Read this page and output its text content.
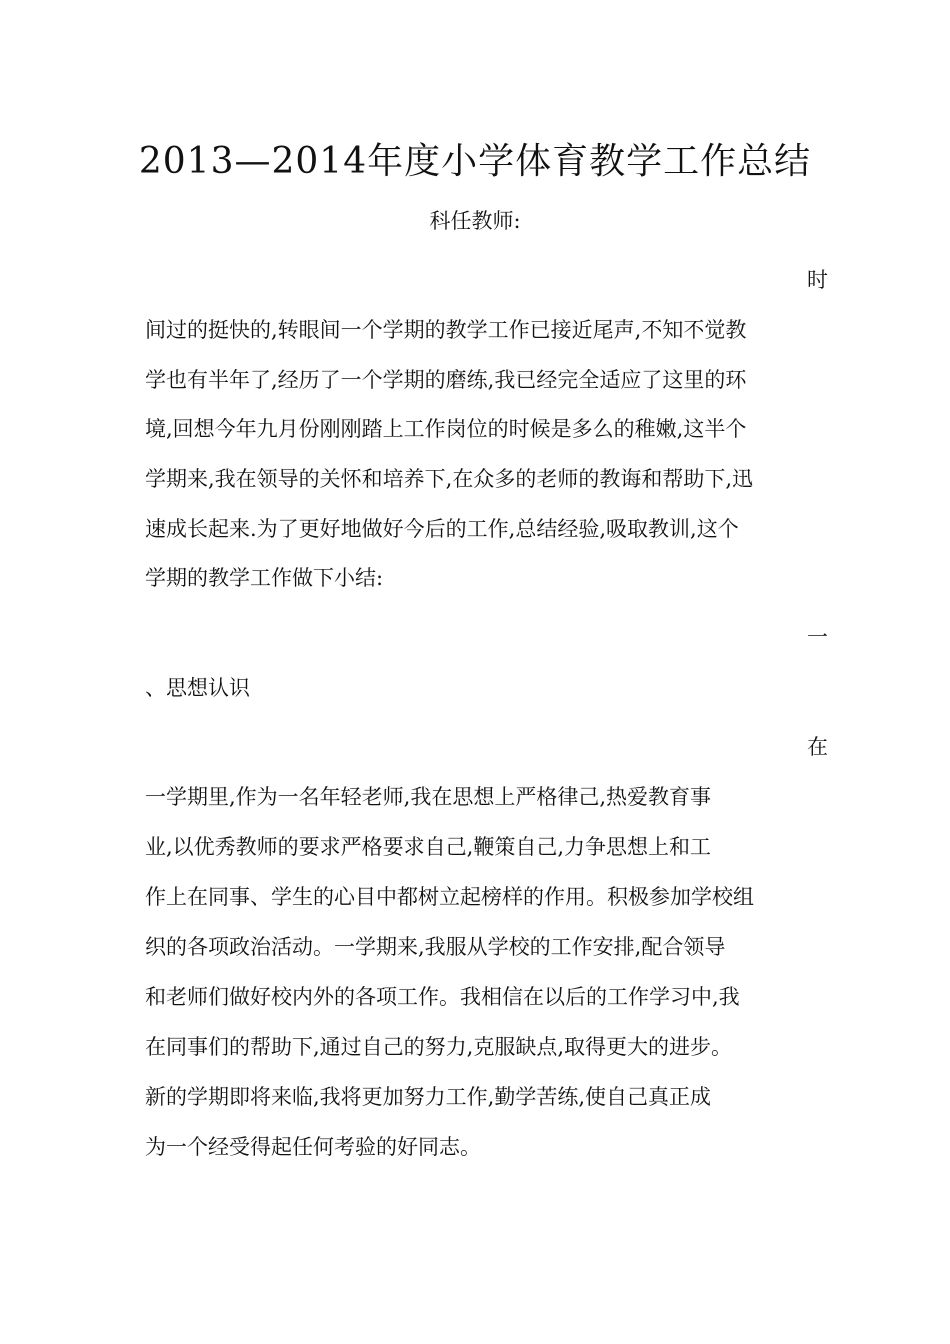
2013—2014年度小学体育教学工作总结
科任教师:
时
间过的挺快的,转眼间一个学期的教学工作已接近尾声,不知不觉教
学也有半年了,经历了一个学期的磨练,我已经完全适应了这里的环
境,回想今年九月份刚刚踏上工作岗位的时候是多么的稚嫩,这半个
学期来,我在领导的关怀和培养下,在众多的老师的教诲和帮助下,迅
速成长起来.为了更好地做好今后的工作,总结经验,吸取教训,这个
学期的教学工作做下小结:
一
、思想认识
在
一学期里,作为一名年轻老师,我在思想上严格律己,热爱教育事
业,以优秀教师的要求严格要求自己,鞭策自己,力争思想上和工
作上在同事、学生的心目中都树立起榜样的作用。积极参加学校组
织的各项政治活动。一学期来,我服从学校的工作安排,配合领导
和老师们做好校内外的各项工作。我相信在以后的工作学习中,我
在同事们的帮助下,通过自己的努力,克服缺点,取得更大的进步。
新的学期即将来临,我将更加努力工作,勤学苦练,使自己真正成
为一个经受得起任何考验的好同志。
